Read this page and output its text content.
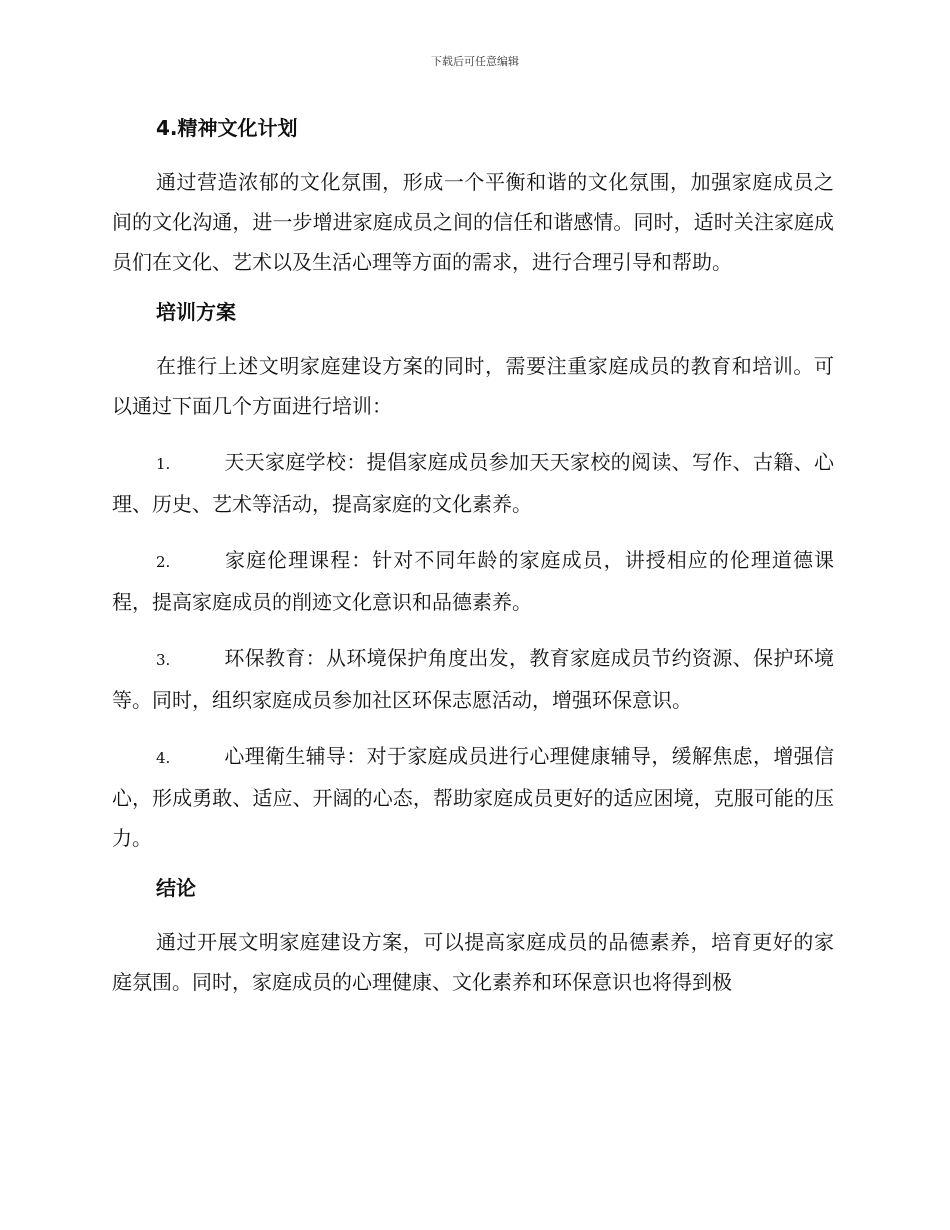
下载后可任意编辑
4.精神文化计划

通过营造浓郁的文化氛围，形成一个平衡和谐的文化氛围，加强家庭成员之间的文化沟通，进一步增进家庭成员之间的信任和谐感情。同时，适时关注家庭成员们在文化、艺术以及生活心理等方面的需求，进行合理引导和帮助。

培训方案

在推行上述文明家庭建设方案的同时，需要注重家庭成员的教育和培训。可以通过下面几个方面进行培训：

1.	天天家庭学校：提倡家庭成员参加天天家校的阅读、写作、古籍、心理、历史、艺术等活动，提高家庭的文化素养。

2.	家庭伦理课程：针对不同年龄的家庭成员，讲授相应的伦理道德课程，提高家庭成员的削迹文化意识和品德素养。

3.	环保教育：从环境保护角度出发，教育家庭成员节约资源、保护环境等。同时，组织家庭成员参加社区环保志愿活动，增强环保意识。

4.	心理衛生辅导：对于家庭成员进行心理健康辅导，缓解焦虑，增强信心，形成勇敢、适应、开阔的心态，帮助家庭成员更好的适应困境，克服可能的压力。

结论

通过开展文明家庭建设方案，可以提高家庭成员的品德素养，培育更好的家庭氛围。同时，家庭成员的心理健康、文化素养和环保意识也将得到极
